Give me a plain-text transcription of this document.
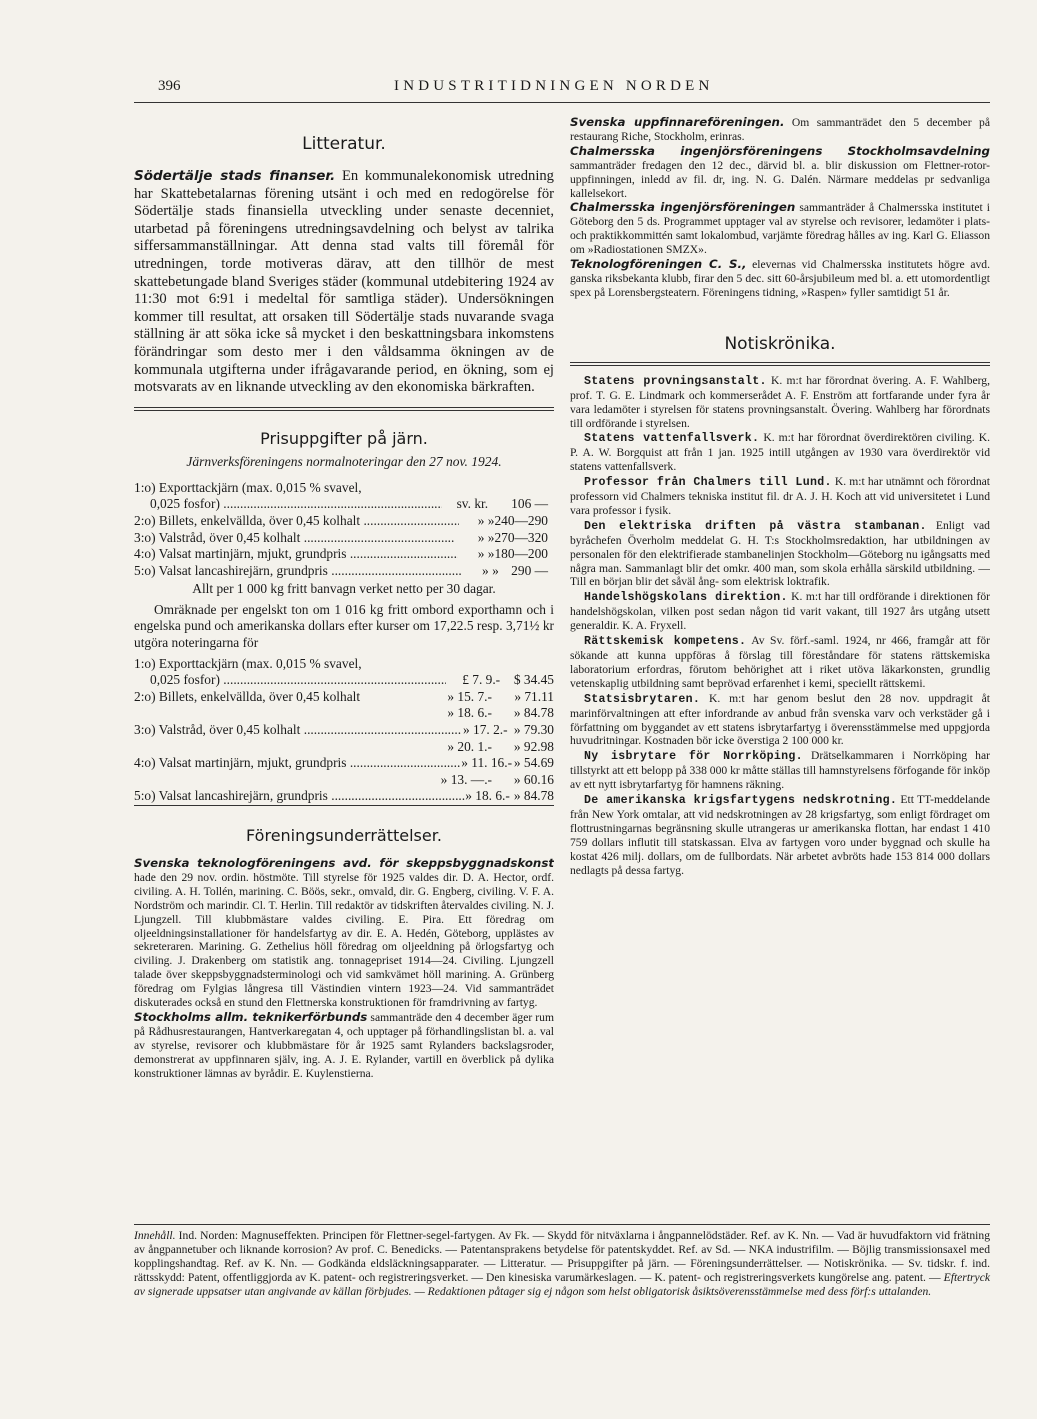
396	INDUSTRITIDNINGEN NORDEN
Litteratur.

Södertälje stads finanser. En kommunalekonomisk utredning har Skattebetalarnas förening utsänt i och med en redogörelse för Södertälje stads finansiella utveckling under senaste decenniet, utarbetad på föreningens utredningsavdelning och belyst av talrika siffersammanställningar. Att denna stad valts till föremål för utredningen, torde motiveras därav, att den tillhör de mest skattebetungade bland Sveriges städer (kommunal utdebitering 1924 av 11:30 mot 6:91 i medeltal för samtliga städer). Undersökningen kommer till resultat, att orsaken till Södertälje stads nuvarande svaga ställning är att söka icke så mycket i den beskattningsbara inkomstens förändringar som desto mer i den våldsamma ökningen av de kommunala utgifterna under ifrågavarande period, en ökning, som ej motsvarats av en liknande utveckling av den ekonomiska bärkraften.

Prisuppgifter på järn.

Järnverksföreningens normalnoteringar den 27 nov. 1924.

1:o) Exporttackjärn (max. 0,015 % svavel,
0,025 fosfor) .....	sv. kr.	106 —
2:o) Billets, enkelvällda, över 0,45 kolhalt .....	» » 240—290
3:o) Valstråd, över 0,45 kolhalt .....	» » 270—320
4:o) Valsat martinjärn, mjukt, grundpris .....	» » 180—200
5:o) Valsat lancashirejärn, grundpris .....	» » 290 —

Allt per 1 000 kg fritt banvagn verket netto per 30 dagar.

Omräknade per engelskt ton om 1 016 kg fritt ombord exporthamn och i engelska pund och amerikanska dollars efter kurser om 17,22.5 resp. 3,71½ kr utgöra noteringarna för

1:o) Exporttackjärn (max. 0,015 % svavel,
0,025 fosfor) .....	£ 7. 9.-	$ 34.45
2:o) Billets, enkelvällda, över 0,45 kolhalt	» 15. 7.-	» 71.11
» 18. 6.-	» 84.78
3:o) Valstråd, över 0,45 kolhalt .....	» 17. 2.- » 79.30
» 20. 1.-	» 92.98
4:o) Valsat martinjärn, mjukt, grundpris .....	» 11. 16.- » 54.69
» 13. —.-	» 60.16
5:o) Valsat lancashirejärn, grundpris .....	» 18. 6.- » 84.78
Föreningsunderrättelser.

Svenska teknologföreningens avd. för skeppsbyggnadskonst hade den 29 nov. ordin. höstmöte. Till styrelse för 1925 valdes dir. D. A. Hector, ordf. civiling. A. H. Tollén, marining. C. Böös, sekr., omvald, dir. G. Engberg, civiling. V. F. A. Nordström och marindir. Cl. T. Herlin. Till redaktör av tidskriften återvaldes civiling. N. J. Ljungzell. Till klubbmästare valdes civiling. E. Pira. Ett föredrag om oljeeldningsinstallationer för handelsfartyg av dir. E. A. Hedén, Göteborg, upplästes av sekreteraren. Marining. G. Zethelius höll föredrag om oljeeldning på örlogsfartyg och civiling. J. Drakenberg om statistik ang. tonnagepriset 1914—24. Civiling. Ljungzell talade över skeppsbyggnadsterminologi och vid samkvämet höll marining. A. Grünberg föredrag om Fylgias långresa till Västindien vintern 1923—24. Vid sammanträdet diskuterades också en stund den Flettnerska konstruktionen för framdrivning av fartyg.

Stockholms allm. teknikerförbunds sammanträde den 4 december äger rum på Rådhusrestaurangen, Hantverkaregatan 4, och upptager på förhandlingslistan bl. a. val av styrelse, revisorer och klubbmästare för år 1925 samt Rylanders backslagsroder, demonstrerat av uppfinnaren själv, ing. A. J. E. Rylander, vartill en överblick på dylika konstruktioner lämnas av byrådir. E. Kuylenstierna.

Svenska uppfinnareföreningen. Om sammanträdet den 5 december på restaurang Riche, Stockholm, erinras.

Chalmersska ingenjörsföreningens Stockholmsavdelning sammanträder fredagen den 12 dec., därvid bl. a. blir diskussion om Flettner-rotor-uppfinningen, inledd av fil. dr, ing. N. G. Dalén. Närmare meddelas pr sedvanliga kallelsekort.

Chalmersska ingenjörsföreningen sammanträder å Chalmersska institutet i Göteborg den 5 ds. Programmet upptager val av styrelse och revisorer, ledamöter i plats- och praktikkommittén samt lokalombud, varjämte föredrag hålles av ing. Karl G. Eliasson om »Radiostationen SMZX».

Teknologföreningen C. S., elevernas vid Chalmersska institutets högre avd. ganska riksbekanta klubb, firar den 5 dec. sitt 60-årsjubileum med bl. a. ett utomordentligt spex på Lorensbergsteatern. Föreningens tidning, »Raspen» fyller samtidigt 51 år.

Notiskrönika.

Statens provningsanstalt. K. m:t har förordnat övering. A. F. Wahlberg, prof. T. G. E. Lindmark och kommerserådet A. F. Enström att fortfarande under fyra år vara ledamöter i styrelsen för statens provningsanstalt. Övering. Wahlberg har förordnats till ordförande i styrelsen.

Statens vattenfallsverk. K. m:t har förordnat överdirektören civiling. K. P. A. W. Borgquist att från 1 jan. 1925 intill utgången av 1930 vara överdirektör vid statens vattenfallsverk.

Professor från Chalmers till Lund. K. m:t har utnämnt och förordnat professorn vid Chalmers tekniska institut fil. dr A. J. H. Koch att vid universitetet i Lund vara professor i fysik.

Den elektriska driften på västra stambanan. Enligt vad byråchefen Överholm meddelat G. H. T:s Stockholmsredaktion, har utbildningen av personalen för den elektrifierade stambanelinjen Stockholm—Göteborg nu igångsatts med några man. Sammanlagt blir det omkr. 400 man, som skola erhålla särskild utbildning. — Till en början blir det såväl ång- som elektrisk loktrafik.

Handelshögskolans direktion. K. m:t har till ordförande i direktionen för handelshögskolan, vilken post sedan någon tid varit vakant, till 1927 års utgång utsett generaldir. K. A. Fryxell.

Rättskemisk kompetens. Av Sv. förf.-saml. 1924, nr 466, framgår att för sökande att kunna uppföras å förslag till föreståndare för statens rättskemiska laboratorium erfordras, förutom behörighet att i riket utöva läkarkonsten, grundlig vetenskaplig utbildning samt beprövad erfarenhet i kemi, speciellt rättskemi.

Statsisbrytaren. K. m:t har genom beslut den 28 nov. uppdragit åt marinförvaltningen att efter infordrande av anbud från svenska varv och verkstäder gå i författning om byggandet av ett statens isbrytarfartyg i överensstämmelse med uppgjorda huvudritningar. Kostnaden bör icke överstiga 2 100 000 kr.

Ny isbrytare för Norrköping. Drätselkammaren i Norrköping har tillstyrkt att ett belopp på 338 000 kr måtte ställas till hamnstyrelsens förfogande för inköp av ett nytt isbrytarfartyg för hamnens räkning.

De amerikanska krigsfartygens nedskrotning. Ett TT-meddelande från New York omtalar, att vid nedskrotningen av 28 krigsfartyg, som enligt fördraget om flottrustningarnas begränsning skulle utrangeras ur amerikanska flottan, har endast 1 410 759 dollars influtit till statskassan. Elva av fartygen voro under byggnad och skulle ha kostat 426 milj. dollars, om de fullbordats. När arbetet avbröts hade 153 814 000 dollars nedlagts på dessa fartyg.

Innehåll. Ind. Norden: Magnuseffekten. Principen för Flettner-segel-fartygen. Av Fk. — Skydd för nitväxlarna i ångpannelödstäder. Ref. av K. Nn. — Vad är huvudfaktorn vid frätning av ångpannetuber och liknande korrosion? Av prof. C. Benedicks. — Patentansprakens betydelse för patentskyddet. Ref. av Sd. — NKA industrifilm. — Böjlig transmissionsaxel med kopplingshandtag. Ref. av K. Nn. — Godkända eldsläckningsapparater. — Litteratur. — Prisuppgifter på järn. — Föreningsunderrättelser. — Notiskrönika. — Sv. tidskr. f. ind. rättsskydd: Patent, offentliggjorda av K. patent- och registreringsverket. — Den kinesiska varumärkeslagen. — K. patent- och registreringsverkets kungörelse ang. patent. — Eftertryck av signerade uppsatser utan angivande av källan förbjudes. — Redaktionen påtager sig ej någon som helst obligatorisk åsiktsöverensstämmelse med dess förf:s uttalanden.
